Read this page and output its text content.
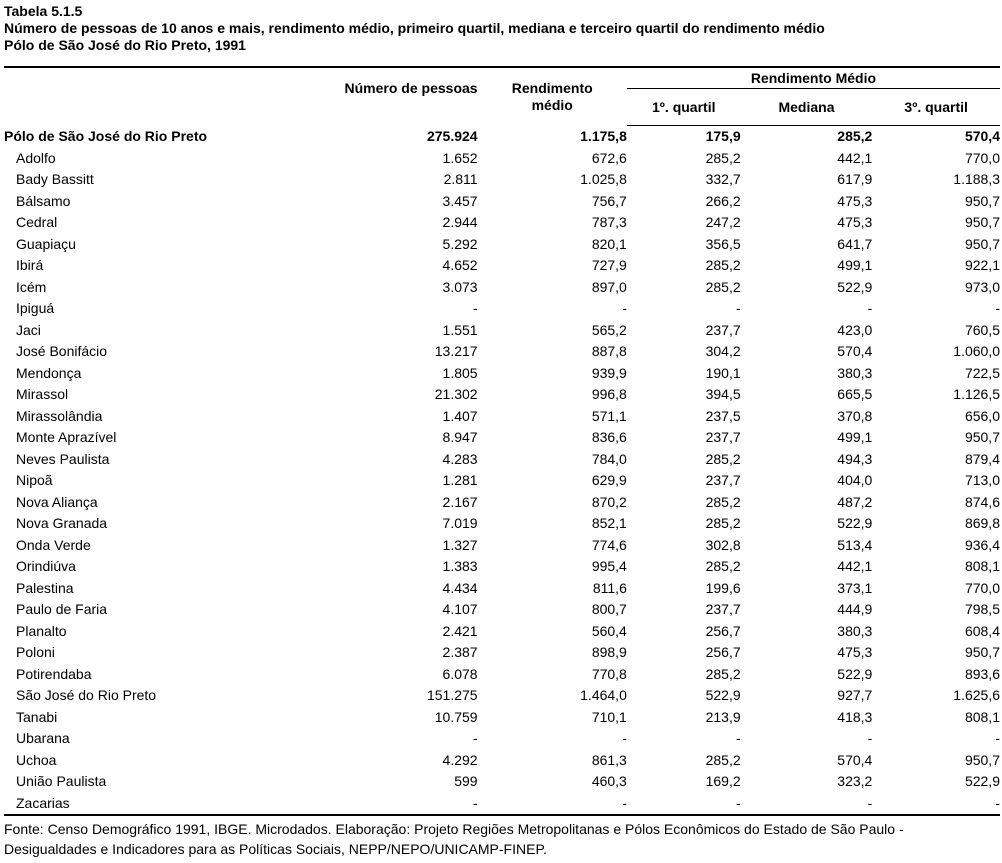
Tabela 5.1.5
Número de pessoas de 10 anos e mais, rendimento médio, primeiro quartil, mediana e terceiro quartil do rendimento médio
Pólo de São José do Rio Preto, 1991
	Número de pessoas	Rendimento médio	Rendimento Médio		
			1º. quartil	Mediana	3º. quartil
Pólo de São José do Rio Preto	275.924	1.175,8	175,9	285,2	570,4
Adolfo	1.652	672,6	285,2	442,1	770,0
Bady Bassitt	2.811	1.025,8	332,7	617,9	1.188,3
Bálsamo	3.457	756,7	266,2	475,3	950,7
Cedral	2.944	787,3	247,2	475,3	950,7
Guapiaçu	5.292	820,1	356,5	641,7	950,7
Ibirá	4.652	727,9	285,2	499,1	922,1
Icém	3.073	897,0	285,2	522,9	973,0
Ipiguá	-	-	-	-	-
Jaci	1.551	565,2	237,7	423,0	760,5
José Bonifácio	13.217	887,8	304,2	570,4	1.060,0
Mendonça	1.805	939,9	190,1	380,3	722,5
Mirassol	21.302	996,8	394,5	665,5	1.126,5
Mirassolândia	1.407	571,1	237,5	370,8	656,0
Monte Aprazível	8.947	836,6	237,7	499,1	950,7
Neves Paulista	4.283	784,0	285,2	494,3	879,4
Nipoã	1.281	629,9	237,7	404,0	713,0
Nova Aliança	2.167	870,2	285,2	487,2	874,6
Nova Granada	7.019	852,1	285,2	522,9	869,8
Onda Verde	1.327	774,6	302,8	513,4	936,4
Orindiúva	1.383	995,4	285,2	442,1	808,1
Palestina	4.434	811,6	199,6	373,1	770,0
Paulo de Faria	4.107	800,7	237,7	444,9	798,5
Planalto	2.421	560,4	256,7	380,3	608,4
Poloni	2.387	898,9	256,7	475,3	950,7
Potirendaba	6.078	770,8	285,2	522,9	893,6
São José do Rio Preto	151.275	1.464,0	522,9	927,7	1.625,6
Tanabi	10.759	710,1	213,9	418,3	808,1
Ubarana	-	-	-	-	-
Uchoa	4.292	861,3	285,2	570,4	950,7
União Paulista	599	460,3	169,2	323,2	522,9
Zacarias	-	-	-	-	-
Fonte: Censo Demográfico 1991, IBGE. Microdados. Elaboração: Projeto Regiões Metropolitanas e Pólos Econômicos do Estado de São Paulo - Desigualdades e Indicadores para as Políticas Sociais, NEPP/NEPO/UNICAMP-FINEP.
